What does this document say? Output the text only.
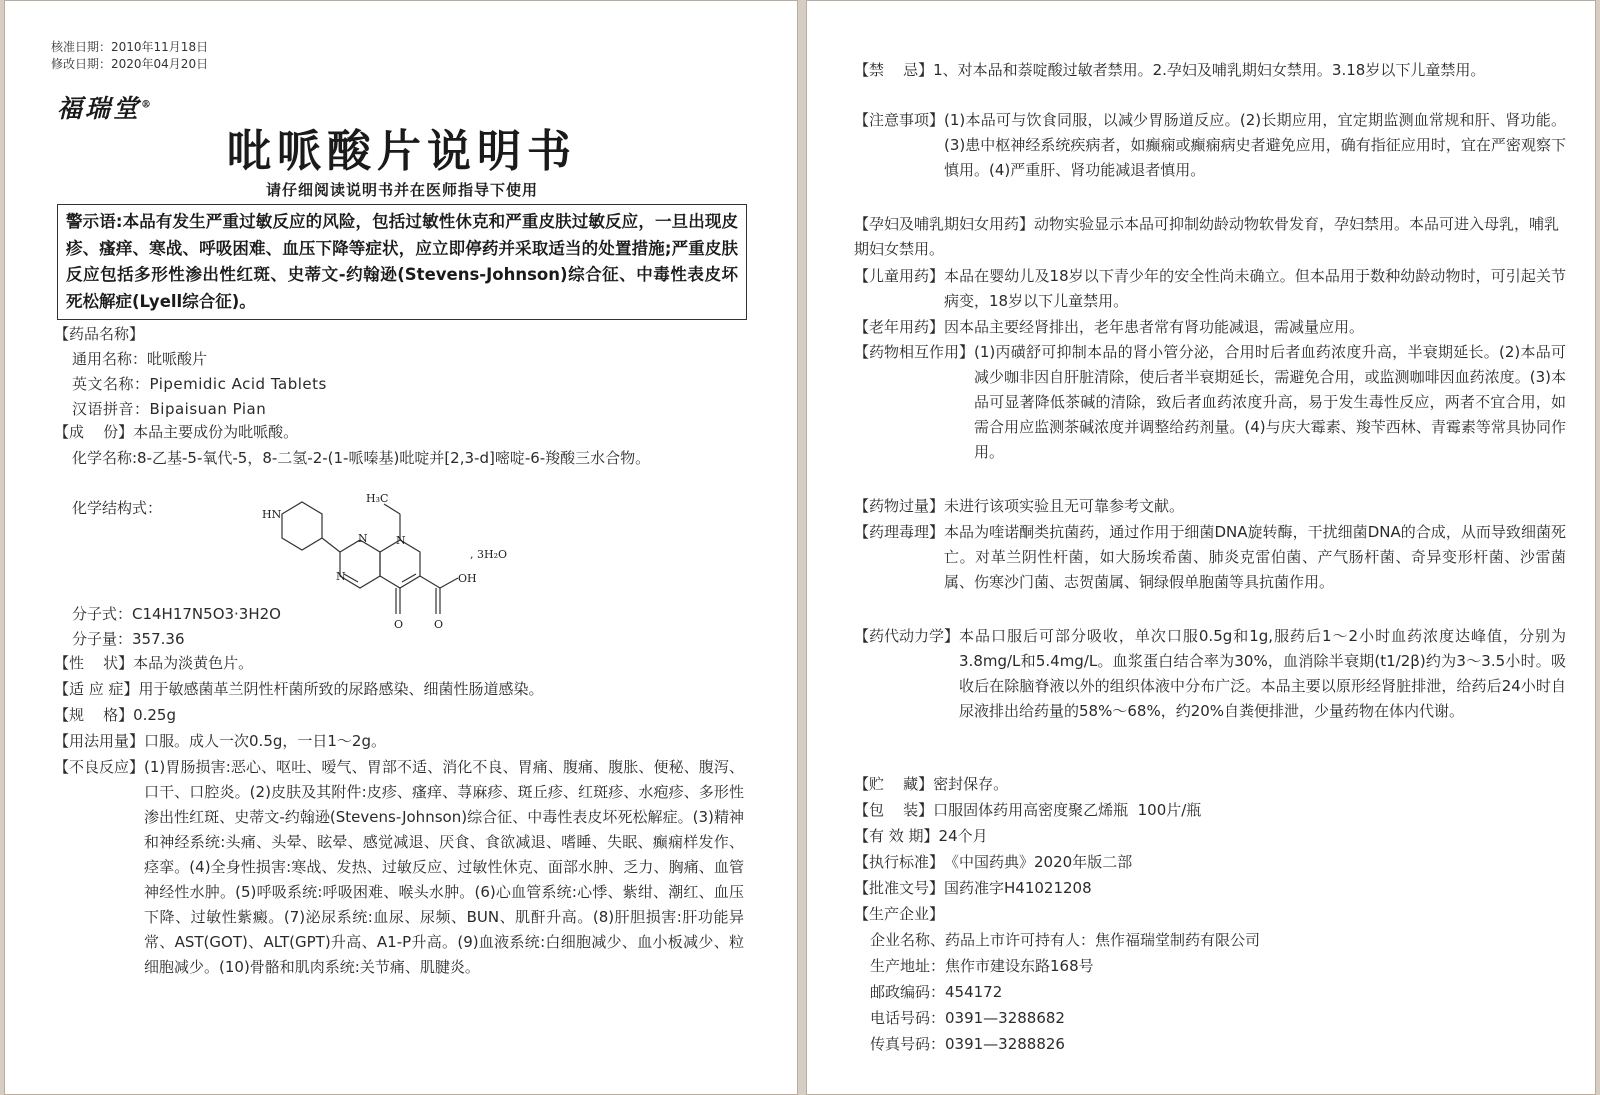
核准日期：2010年11月18日
修改日期：2020年04月20日
福瑞堂®
吡哌酸片说明书
请仔细阅读说明书并在医师指导下使用
警示语:本品有发生严重过敏反应的风险，包括过敏性休克和严重皮肤过敏反应，一旦出现皮疹、瘙痒、寒战、呼吸困难、血压下降等症状，应立即停药并采取适当的处置措施;严重皮肤反应包括多形性渗出性红斑、史蒂文-约翰逊(Stevens-Johnson)综合征、中毒性表皮坏死松解症(Lyell综合征)。
【药品名称】
通用名称：吡哌酸片
英文名称：Pipemidic Acid Tablets
汉语拼音：Bipaisuan Pian
【成    份】 本品主要成份为吡哌酸。
化学名称:8-乙基-5-氧代-5，8-二氢-2-(1-哌嗪基)吡啶并[2,3-d]嘧啶-6-羧酸三水合物。
化学结构式：	HN
H₃C
N
N
N
OH
O	O
, 3H₂O
分子式：C14H17N5O3·3H2O
分子量：357.36
【性    状】 本品为淡黄色片。
【适 应 症】 用于敏感菌革兰阴性杆菌所致的尿路感染、细菌性肠道感染。
【规    格】 0.25g
【用法用量】 口服。成人一次0.5g，一日1～2g。
【不良反应】 (1)胃肠损害:恶心、呕吐、嗳气、胃部不适、消化不良、胃痛、腹痛、腹胀、便秘、腹泻、口干、口腔炎。(2)皮肤及其附件:皮疹、瘙痒、荨麻疹、斑丘疹、红斑疹、水疱疹、多形性渗出性红斑、史蒂文-约翰逊(Stevens-Johnson)综合征、中毒性表皮坏死松解症。(3)精神和神经系统:头痛、头晕、眩晕、感觉减退、厌食、食欲减退、嗜睡、失眠、癫痫样发作、痉挛。(4)全身性损害:寒战、发热、过敏反应、过敏性休克、面部水肿、乏力、胸痛、血管神经性水肿。(5)呼吸系统:呼吸困难、喉头水肿。(6)心血管系统:心悸、紫绀、潮红、血压下降、过敏性紫癜。(7)泌尿系统:血尿、尿频、BUN、肌酐升高。(8)肝胆损害:肝功能异常、AST(GOT)、ALT(GPT)升高、A1-P升高。(9)血液系统:白细胞减少、血小板减少、粒细胞减少。(10)骨骼和肌肉系统:关节痛、肌腱炎。
【禁    忌】 1、对本品和萘啶酸过敏者禁用。2.孕妇及哺乳期妇女禁用。3.18岁以下儿童禁用。
【注意事项】 (1)本品可与饮食同服，以减少胃肠道反应。(2)长期应用，宜定期监测血常规和肝、肾功能。(3)患中枢神经系统疾病者，如癫痫或癫痫病史者避免应用，确有指征应用时，宜在严密观察下慎用。(4)严重肝、肾功能减退者慎用。
【孕妇及哺乳期妇女用药】动物实验显示本品可抑制幼龄动物软骨发育，孕妇禁用。本品可进入母乳，哺乳期妇女禁用。
【儿童用药】 本品在婴幼儿及18岁以下青少年的安全性尚未确立。但本品用于数种幼龄动物时，可引起关节病变，18岁以下儿童禁用。
【老年用药】 因本品主要经肾排出，老年患者常有肾功能减退，需减量应用。
【药物相互作用】 (1)丙磺舒可抑制本品的肾小管分泌，合用时后者血药浓度升高，半衰期延长。(2)本品可减少咖非因自肝脏清除，使后者半衰期延长，需避免合用，或监测咖啡因血药浓度。(3)本品可显著降低茶碱的清除，致后者血药浓度升高，易于发生毒性反应，两者不宜合用，如需合用应监测茶碱浓度并调整给药剂量。(4)与庆大霉素、羧苄西林、青霉素等常具协同作用。
【药物过量】 未进行该项实验且无可靠参考文献。
【药理毒理】 本品为喹诺酮类抗菌药，通过作用于细菌DNA旋转酶，干扰细菌DNA的合成，从而导致细菌死亡。对革兰阴性杆菌，如大肠埃希菌、肺炎克雷伯菌、产气肠杆菌、奇异变形杆菌、沙雷菌属、伤寒沙门菌、志贺菌属、铜绿假单胞菌等具抗菌作用。
【药代动力学】 本品口服后可部分吸收，单次口服0.5g和1g,服药后1～2小时血药浓度达峰值，分别为3.8mg/L和5.4mg/L。血浆蛋白结合率为30%，血消除半衰期(t1/2β)约为3～3.5小时。吸收后在除脑脊液以外的组织体液中分布广泛。本品主要以原形经肾脏排泄，给药后24小时自尿液排出给药量的58%～68%，约20%自粪便排泄，少量药物在体内代谢。
【贮    藏】 密封保存。
【包    装】 口服固体药用高密度聚乙烯瓶  100片/瓶
【有 效 期】 24个月
【执行标准】 《中国药典》2020年版二部
【批准文号】 国药准字H41021208
【生产企业】
企业名称、药品上市许可持有人：焦作福瑞堂制药有限公司
生产地址：焦作市建设东路168号
邮政编码：454172
电话号码：0391—3288682
传真号码：0391—3288826
